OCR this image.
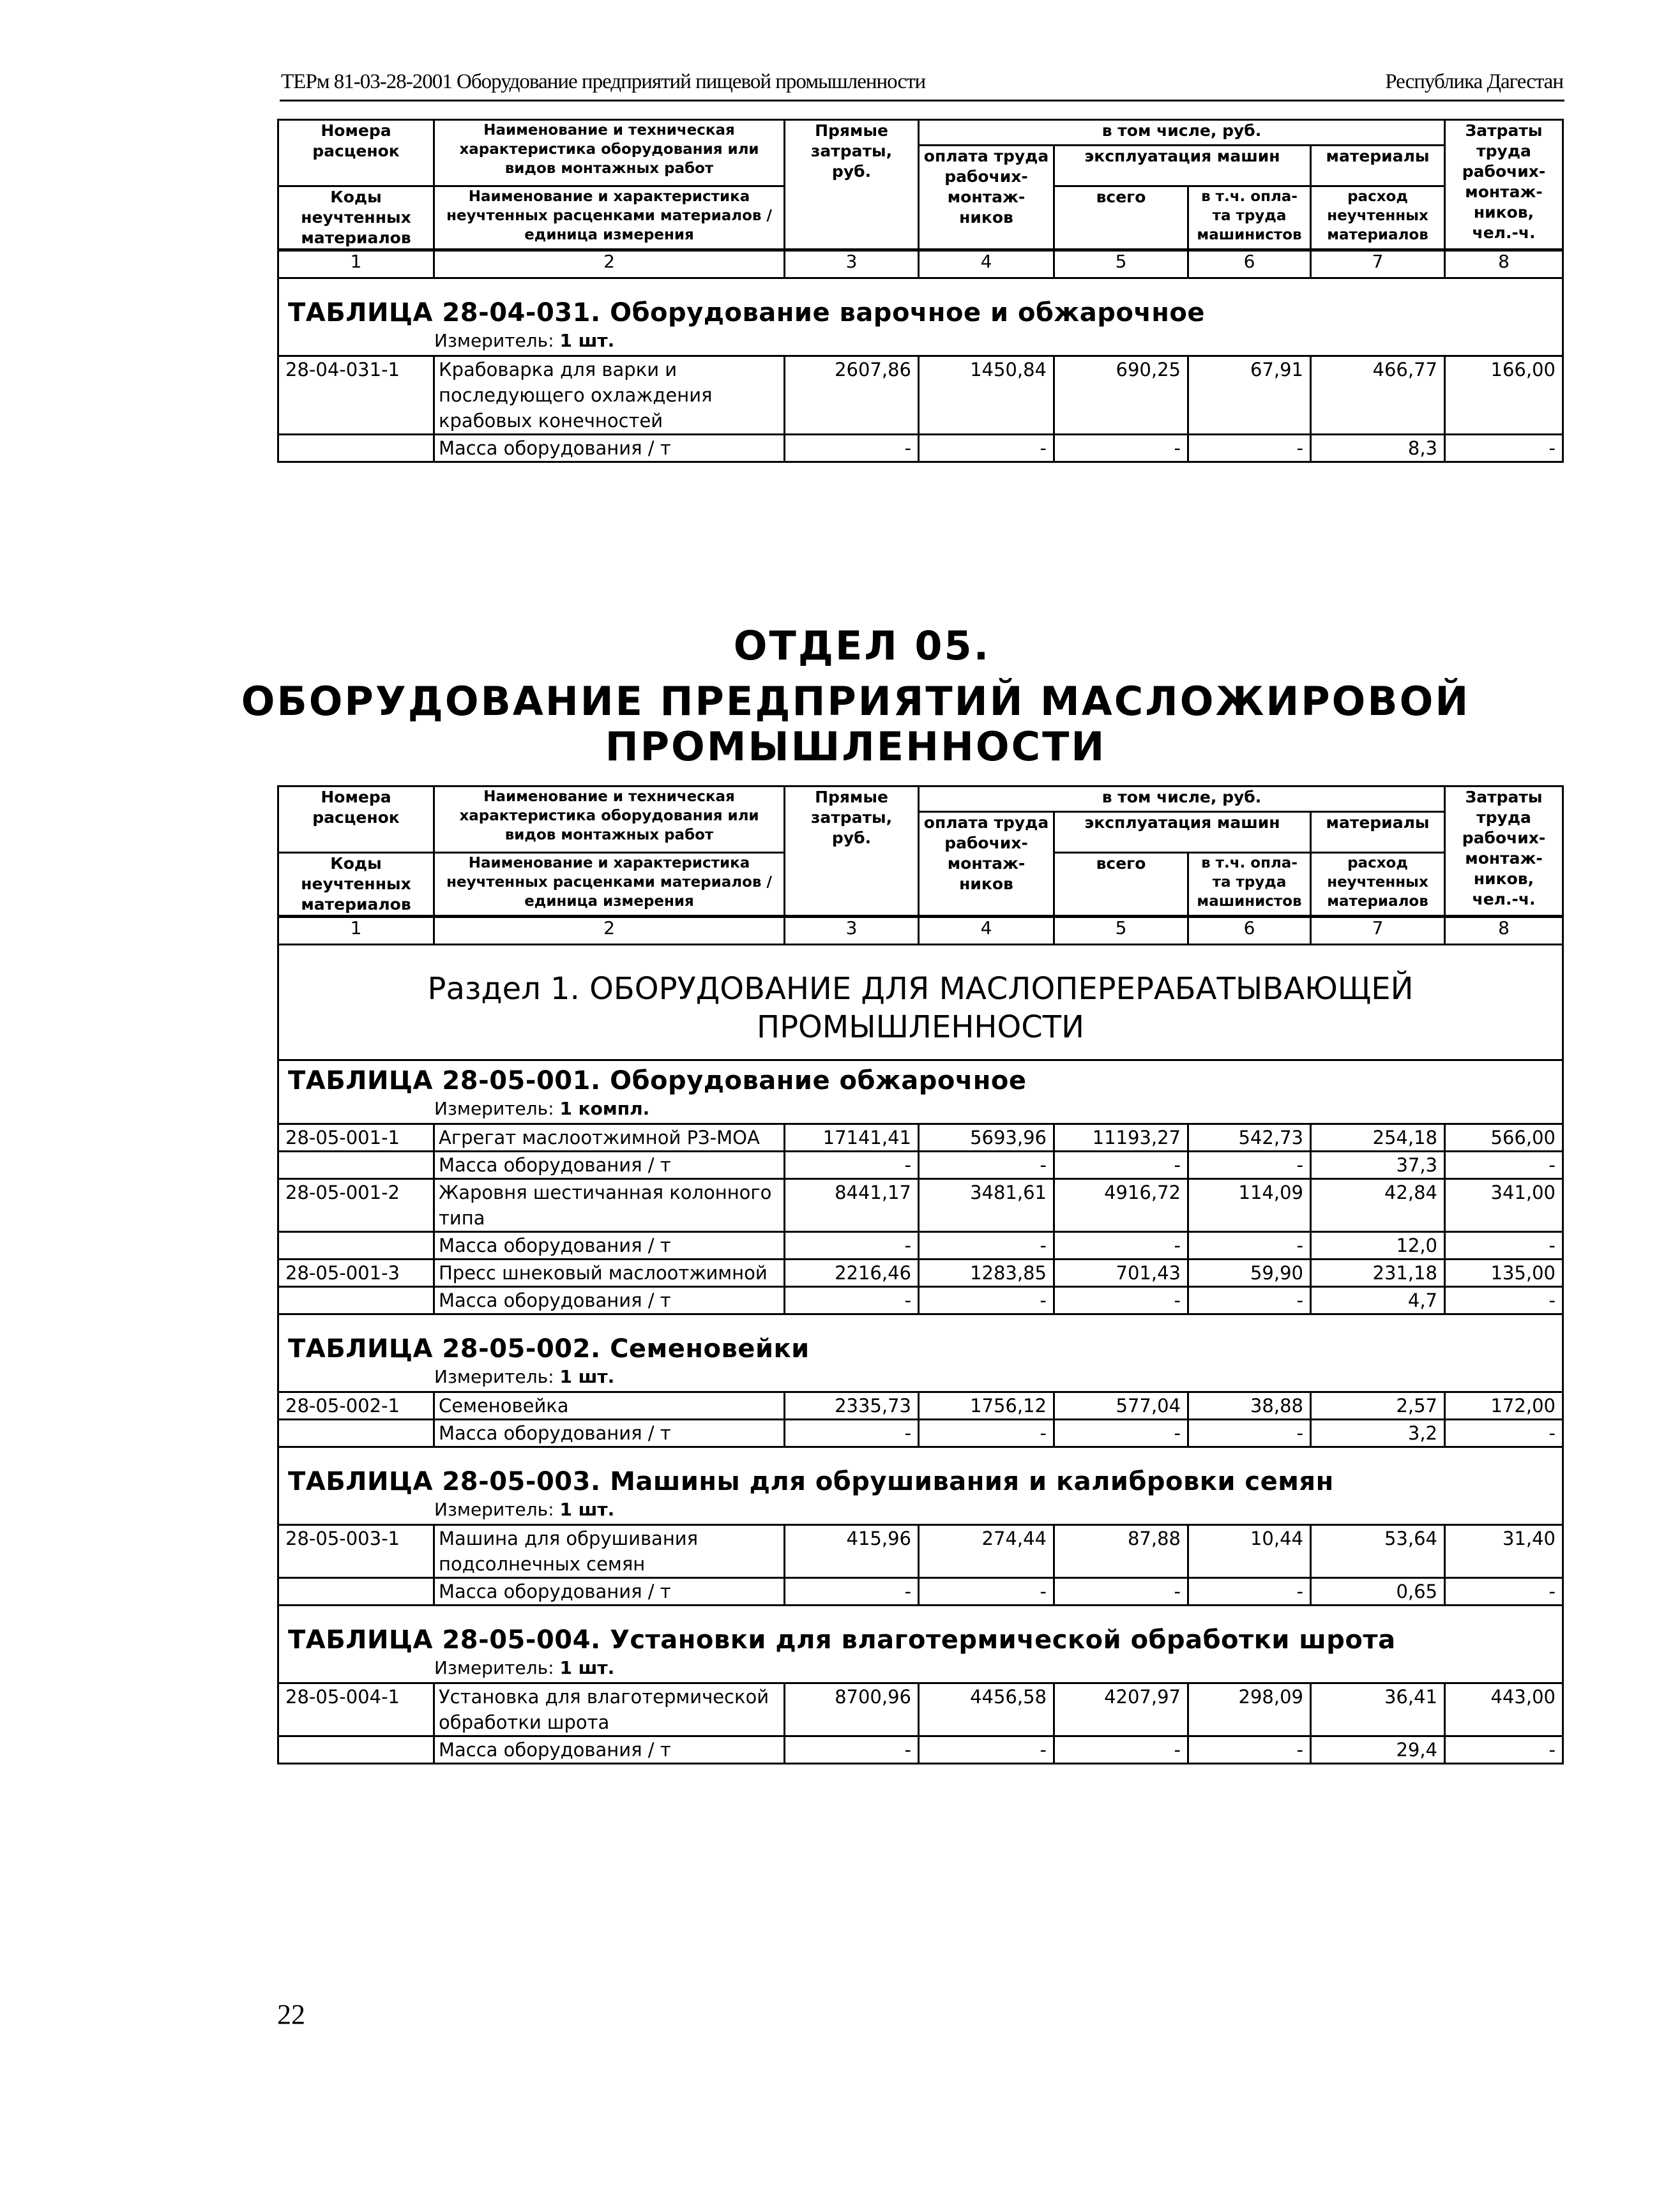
ТЕРм 81-03-28-2001 Оборудование предприятий пищевой промышленности	Республика Дагестан
Номера расценок	Наименование и техническая характеристика оборудования или видов монтажных работ	Прямые затраты, руб.	в том числе, руб.				Затраты труда рабочих-монтаж-ников, чел.-ч.
			оплата труда рабочих-монтаж-ников	эксплуатация машин		материалы	
Коды неучтенных материалов	Наименование и характеристика неучтенных расценками материалов / единица измерения			всего	в т.ч. опла-та труда машинистов	расход неучтенных материалов	

1	2	3	4	5	6	7	8

ТАБЛИЦА 28-04-031. Оборудование варочное и обжарочное
Измеритель: 1 шт.							

28-04-031-1	Крабоварка для варки и последующего охлаждения крабовых конечностей	2607,86	1450,84	690,25	67,91	466,77	166,00
	Масса оборудования / т	-	-	-	-	8,3	-
ОТДЕЛ 05.
ОБОРУДОВАНИЕ ПРЕДПРИЯТИЙ МАСЛОЖИРОВОЙ
ПРОМЫШЛЕННОСТИ
Номера расценок	Наименование и техническая характеристика оборудования или видов монтажных работ	Прямые затраты, руб.	в том числе, руб.				Затраты труда рабочих-монтаж-ников, чел.-ч.
			оплата труда рабочих-монтаж-ников	эксплуатация машин		материалы	
Коды неучтенных материалов	Наименование и характеристика неучтенных расценками материалов / единица измерения			всего	в т.ч. опла-та труда машинистов	расход неучтенных материалов	

1	2	3	4	5	6	7	8

Раздел 1. ОБОРУДОВАНИЕ ДЛЯ МАСЛОПЕРЕРАБАТЫВАЮЩЕЙ
ПРОМЫШЛЕННОСТИ							

ТАБЛИЦА 28-05-001. Оборудование обжарочное
Измеритель: 1 компл.							

28-05-001-1	Агрегат маслоотжимной РЗ-МОА	17141,41	5693,96	11193,27	542,73	254,18	566,00
	Масса оборудования / т	-	-	-	-	37,3	-
28-05-001-2	Жаровня шестичанная колонного типа	8441,17	3481,61	4916,72	114,09	42,84	341,00
	Масса оборудования / т	-	-	-	-	12,0	-
28-05-001-3	Пресс шнековый маслоотжимной	2216,46	1283,85	701,43	59,90	231,18	135,00
	Масса оборудования / т	-	-	-	-	4,7	-

ТАБЛИЦА 28-05-002. Семеновейки
Измеритель: 1 шт.							

28-05-002-1	Семеновейка	2335,73	1756,12	577,04	38,88	2,57	172,00
	Масса оборудования / т	-	-	-	-	3,2	-

ТАБЛИЦА 28-05-003. Машины для обрушивания и калибровки семян
Измеритель: 1 шт.							

28-05-003-1	Машина для обрушивания подсолнечных семян	415,96	274,44	87,88	10,44	53,64	31,40
	Масса оборудования / т	-	-	-	-	0,65	-

ТАБЛИЦА 28-05-004. Установки для влаготермической обработки шрота
Измеритель: 1 шт.							

28-05-004-1	Установка для влаготермической обработки шрота	8700,96	4456,58	4207,97	298,09	36,41	443,00
	Масса оборудования / т	-	-	-	-	29,4	-
22
